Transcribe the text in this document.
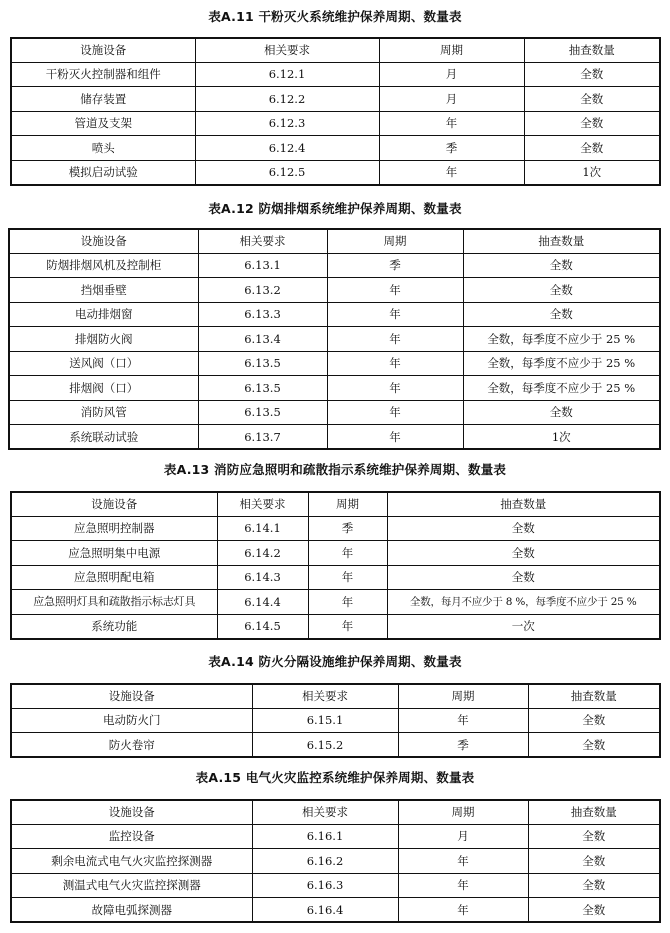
表A.11 干粉灭火系统维护保养周期、数量表
设施设备	相关要求	周期	抽查数量
干粉灭火控制器和组件	6.12.1	月	全数
储存装置	6.12.2	月	全数
管道及支架	6.12.3	年	全数
喷头	6.12.4	季	全数
模拟启动试验	6.12.5	年	1次
表A.12 防烟排烟系统维护保养周期、数量表
设施设备	相关要求	周期	抽查数量
防烟排烟风机及控制柜	6.13.1	季	全数
挡烟垂壁	6.13.2	年	全数
电动排烟窗	6.13.3	年	全数
排烟防火阀	6.13.4	年	全数，每季度不应少于 25 %
送风阀（口）	6.13.5	年	全数，每季度不应少于 25 %
排烟阀（口）	6.13.5	年	全数，每季度不应少于 25 %
消防风管	6.13.5	年	全数
系统联动试验	6.13.7	年	1次
表A.13 消防应急照明和疏散指示系统维护保养周期、数量表
设施设备	相关要求	周期	抽查数量
应急照明控制器	6.14.1	季	全数
应急照明集中电源	6.14.2	年	全数
应急照明配电箱	6.14.3	年	全数
应急照明灯具和疏散指示标志灯具	6.14.4	年	全数，每月不应少于 8 %，每季度不应少于 25 %
系统功能	6.14.5	年	一次
表A.14 防火分隔设施维护保养周期、数量表
设施设备	相关要求	周期	抽查数量
电动防火门	6.15.1	年	全数
防火卷帘	6.15.2	季	全数
表A.15 电气火灾监控系统维护保养周期、数量表
设施设备	相关要求	周期	抽查数量
监控设备	6.16.1	月	全数
剩余电流式电气火灾监控探测器	6.16.2	年	全数
测温式电气火灾监控探测器	6.16.3	年	全数
故障电弧探测器	6.16.4	年	全数
